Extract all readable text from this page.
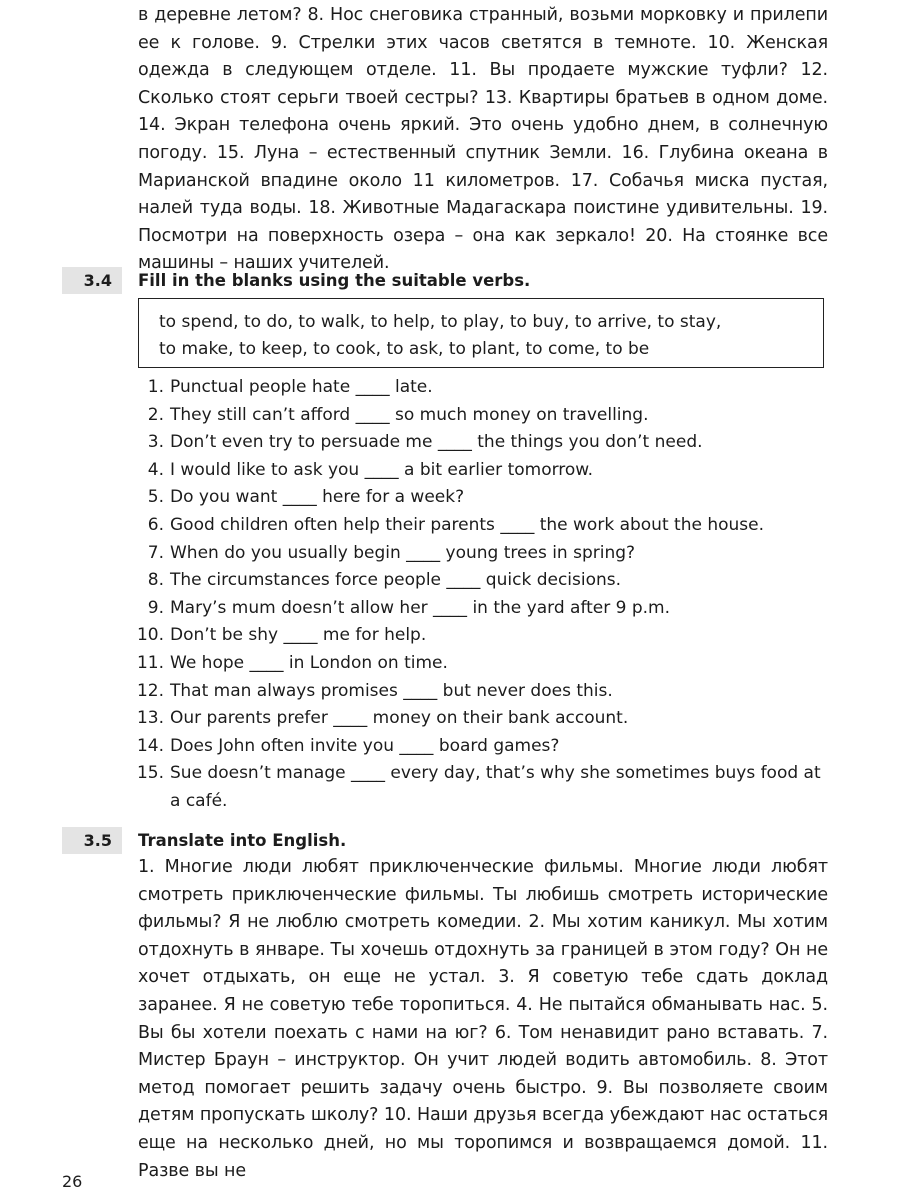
в деревне летом? 8. Нос снеговика странный, возьми морковку и прилепи ее к голове. 9. Стрелки этих часов светятся в темноте. 10. Женская одежда в следующем отделе. 11. Вы продаете мужские туфли? 12. Сколько стоят серьги твоей сестры? 13. Квартиры братьев в одном доме. 14. Экран телефона очень яркий. Это очень удобно днем, в солнечную погоду. 15. Луна – естественный спутник Земли. 16. Глубина океана в Марианской впадине около 11 километров. 17. Собачья миска пустая, налей туда воды. 18. Животные Мадагаскара поистине удивительны. 19. Посмотри на поверхность озера – она как зеркало! 20. На стоянке все машины – наших учителей.

3.4	Fill in the blanks using the suitable verbs.
to spend, to do, to walk, to help, to play, to buy, to arrive, to stay,
to make, to keep, to cook, to ask, to plant, to come, to be
1. Punctual people hate ____ late.
2. They still can’t afford ____ so much money on travelling.
3. Don’t even try to persuade me ____ the things you don’t need.
4. I would like to ask you ____ a bit earlier tomorrow.
5. Do you want ____ here for a week?
6. Good children often help their parents ____ the work about the house.
7. When do you usually begin ____ young trees in spring?
8. The circumstances force people ____ quick decisions.
9. Mary’s mum doesn’t allow her ____ in the yard after 9 p.m.
10. Don’t be shy ____ me for help.
11. We hope ____ in London on time.
12. That man always promises ____ but never does this.
13. Our parents prefer ____ money on their bank account.
14. Does John often invite you ____ board games?
15. Sue doesn’t manage ____ every day, that’s why she sometimes buys food at a café.
3.5	Translate into English.

1. Многие люди любят приключенческие фильмы. Многие люди любят смотреть приключенческие фильмы. Ты любишь смотреть исторические фильмы? Я не люблю смотреть комедии. 2. Мы хотим каникул. Мы хотим отдохнуть в январе. Ты хочешь отдохнуть за границей в этом году? Он не хочет отдыхать, он еще не устал. 3. Я советую тебе сдать доклад заранее. Я не советую тебе торопиться. 4. Не пытайся обманывать нас. 5. Вы бы хотели поехать с нами на юг? 6. Том ненавидит рано вставать. 7. Мистер Браун – инструктор. Он учит людей водить автомобиль. 8. Этот метод помогает решить задачу очень быстро. 9. Вы позволяете своим детям пропускать школу? 10. Наши друзья всегда убеждают нас остаться еще на несколько дней, но мы торопимся и возвращаемся домой. 11. Разве вы не

26
